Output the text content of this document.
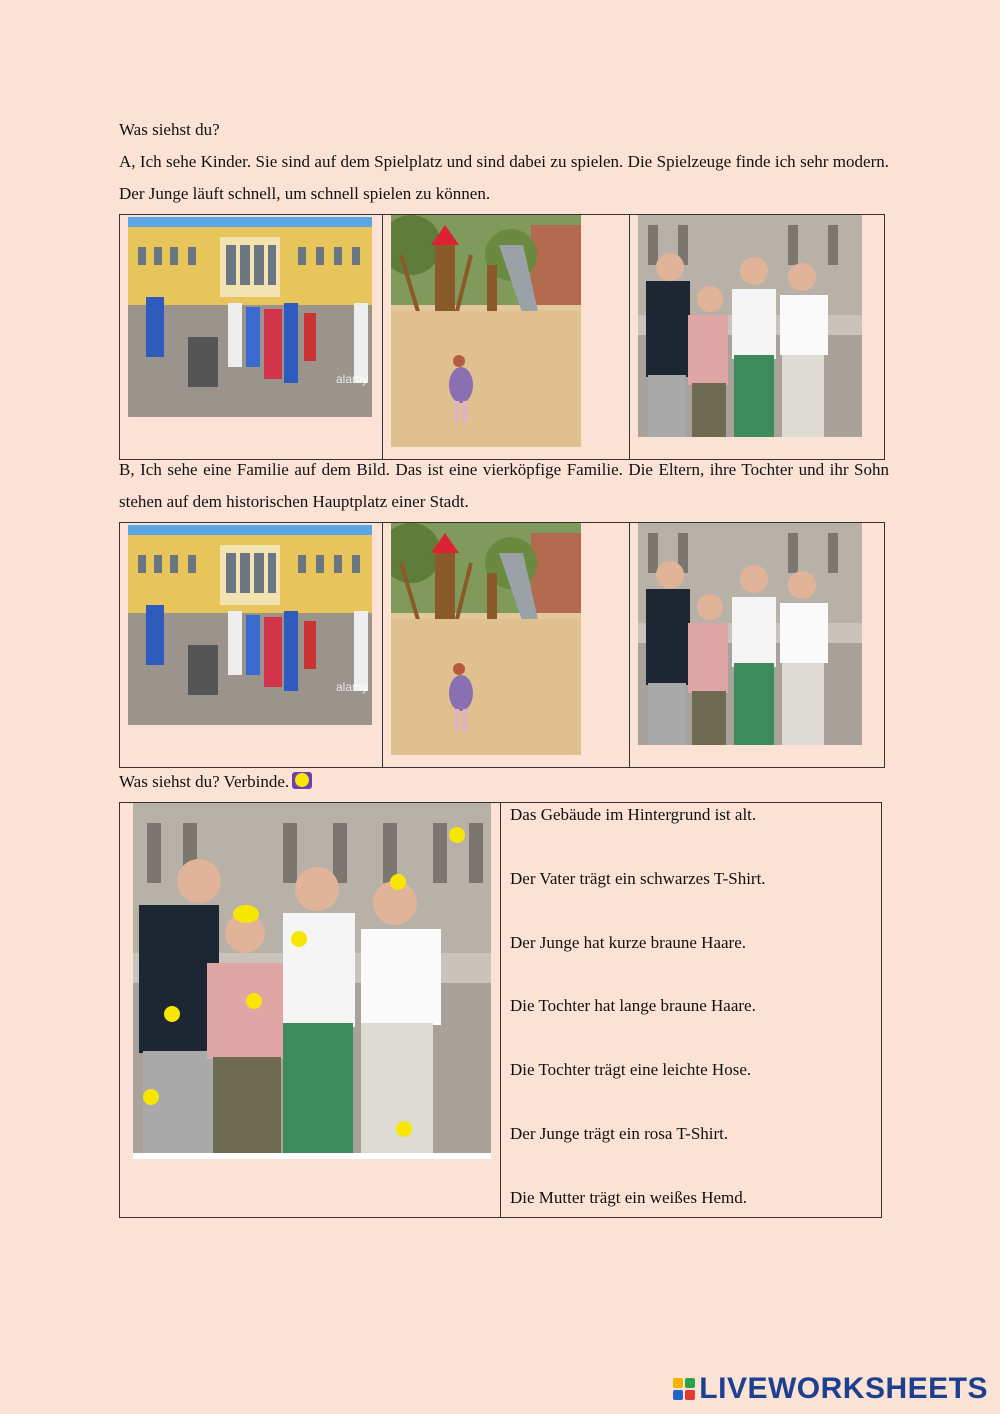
Was siehst du?
A, Ich sehe Kinder. Sie sind auf dem Spielplatz und sind dabei zu spielen. Die Spielzeuge finde ich sehr modern. Der Junge läuft schnell, um schnell spielen zu können.
alamy

B, Ich sehe eine Familie auf dem Bild. Das ist eine vierköpfige Familie. Die Eltern, ihre Tochter und ihr Sohn stehen auf dem historischen Hauptplatz einer Stadt.
alamy

Was siehst du? Verbinde.

Das Gebäude im Hintergrund ist alt.
Der Vater trägt ein schwarzes T-Shirt.
Der Junge hat kurze braune Haare.
Die Tochter hat lange braune Haare.
Die Tochter trägt eine leichte Hose.
Der Junge trägt ein rosa T-Shirt.
Die Mutter trägt ein weißes Hemd.
LIVEWORKSHEETS
